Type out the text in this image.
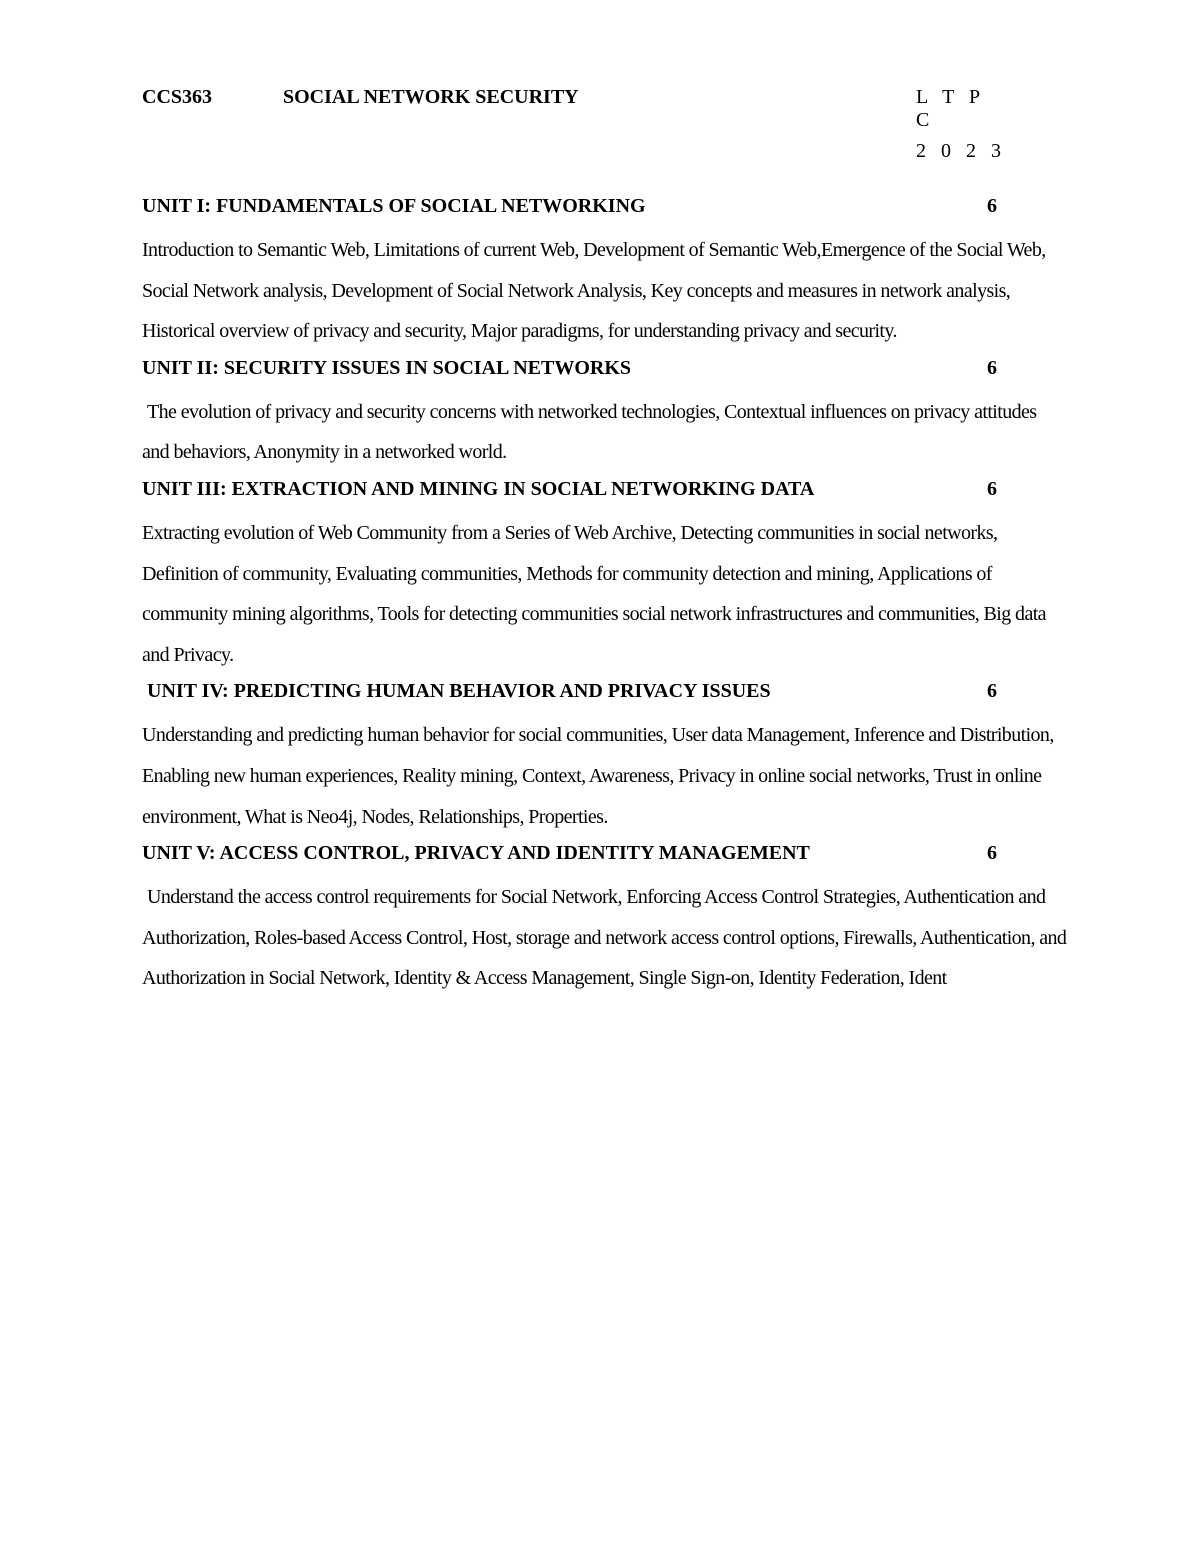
CCS363	SOCIAL NETWORK SECURITY	L T P C
2 0 2 3
UNIT I: FUNDAMENTALS OF SOCIAL NETWORKING	6

Introduction to Semantic Web, Limitations of current Web, Development of Semantic Web,Emergence of the Social Web, Social Network analysis, Development of Social Network Analysis, Key concepts and measures in network analysis, Historical overview of privacy and security, Major paradigms, for understanding privacy and security.

UNIT II: SECURITY ISSUES IN SOCIAL NETWORKS	6

The evolution of privacy and security concerns with networked technologies, Contextual influences on privacy attitudes and behaviors, Anonymity in a networked world.

UNIT III: EXTRACTION AND MINING IN SOCIAL NETWORKING DATA	6

Extracting evolution of Web Community from a Series of Web Archive, Detecting communities in social networks, Definition of community, Evaluating communities, Methods for community detection and mining, Applications of community mining algorithms, Tools for detecting communities social network infrastructures and communities, Big data and Privacy.

UNIT IV: PREDICTING HUMAN BEHAVIOR AND PRIVACY ISSUES	6

Understanding and predicting human behavior for social communities, User data Management, Inference and Distribution, Enabling new human experiences, Reality mining, Context, Awareness, Privacy in online social networks, Trust in online environment, What is Neo4j, Nodes, Relationships, Properties.

UNIT V: ACCESS CONTROL, PRIVACY AND IDENTITY MANAGEMENT	6

Understand the access control requirements for Social Network, Enforcing Access Control Strategies, Authentication and Authorization, Roles-based Access Control, Host, storage and network access control options, Firewalls, Authentication, and Authorization in Social Network, Identity & Access Management, Single Sign-on, Identity Federation, Ident
